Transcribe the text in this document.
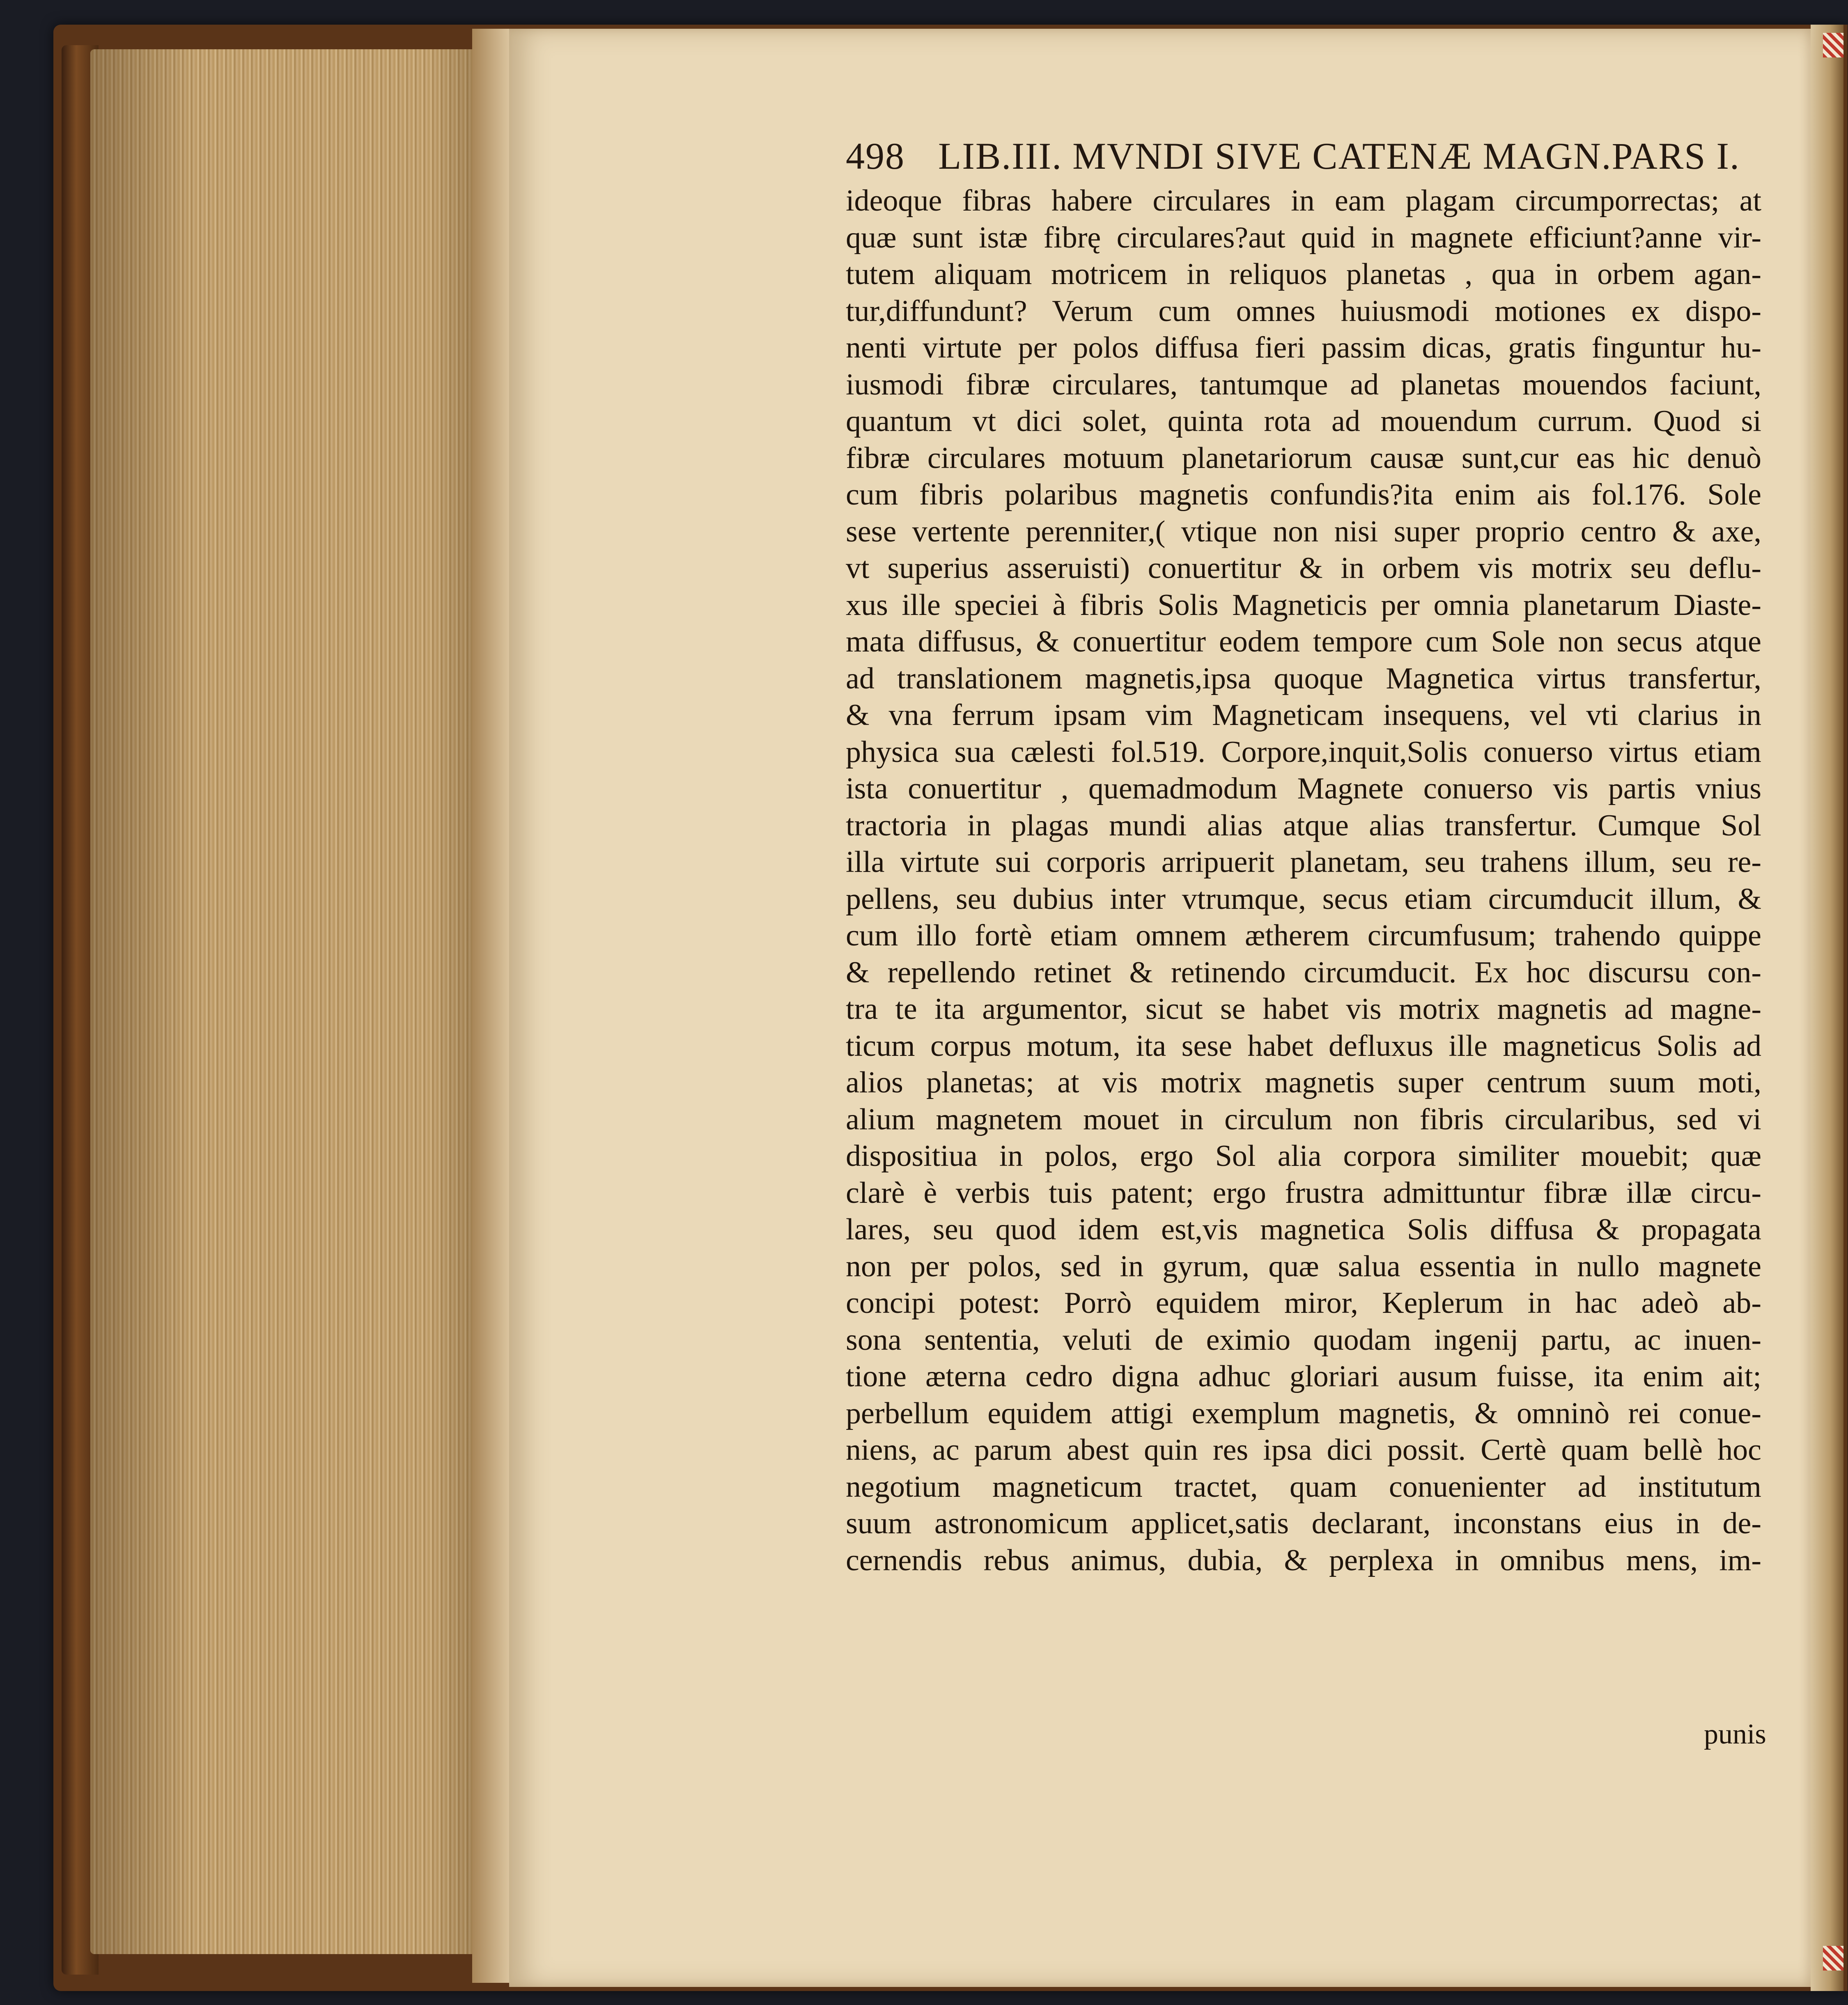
498 LIB.III. MVNDI SIVE CATENÆ MAGN.PARS I.
ideoque fibras habere circulares in eam plagam circumporrectas; at
quæ sunt istæ fibrę circulares?aut quid in magnete efficiunt?anne vir-
tutem aliquam motricem in reliquos planetas , qua in orbem agan-
tur,diffundunt? Verum cum omnes huiusmodi motiones ex dispo-
nenti virtute per polos diffusa fieri passim dicas, gratis finguntur hu-
iusmodi fibræ circulares, tantumque ad planetas mouendos faciunt,
quantum vt dici solet, quinta rota ad mouendum currum. Quod si
fibræ circulares motuum planetariorum causæ sunt,cur eas hic denuò
cum fibris polaribus magnetis confundis?ita enim ais fol.176. Sole
sese vertente perenniter,( vtique non nisi super proprio centro & axe,
vt superius asseruisti) conuertitur & in orbem vis motrix seu deflu-
xus ille speciei à fibris Solis Magneticis per omnia planetarum Diaste-
mata diffusus, & conuertitur eodem tempore cum Sole non secus atque
ad translationem magnetis,ipsa quoque Magnetica virtus transfertur,
& vna ferrum ipsam vim Magneticam insequens, vel vti clarius in
physica sua cælesti fol.519. Corpore,inquit,Solis conuerso virtus etiam
ista conuertitur , quemadmodum Magnete conuerso vis partis vnius
tractoria in plagas mundi alias atque alias transfertur. Cumque Sol
illa virtute sui corporis arripuerit planetam, seu trahens illum, seu re-
pellens, seu dubius inter vtrumque, secus etiam circumducit illum, &
cum illo fortè etiam omnem ætherem circumfusum; trahendo quippe
& repellendo retinet & retinendo circumducit. Ex hoc discursu con-
tra te ita argumentor, sicut se habet vis motrix magnetis ad magne-
ticum corpus motum, ita sese habet defluxus ille magneticus Solis ad
alios planetas; at vis motrix magnetis super centrum suum moti,
alium magnetem mouet in circulum non fibris circularibus, sed vi
dispositiua in polos, ergo Sol alia corpora similiter mouebit; quæ
clarè è verbis tuis patent; ergo frustra admittuntur fibræ illæ circu-
lares, seu quod idem est,vis magnetica Solis diffusa & propagata
non per polos, sed in gyrum, quæ salua essentia in nullo magnete
concipi potest: Porrò equidem miror, Keplerum in hac adeò ab-
sona sententia, veluti de eximio quodam ingenij partu, ac inuen-
tione æterna cedro digna adhuc gloriari ausum fuisse, ita enim ait;
perbellum equidem attigi exemplum magnetis, & omninò rei conue-
niens, ac parum abest quin res ipsa dici possit. Certè quam bellè hoc
negotium magneticum tractet, quam conuenienter ad institutum
suum astronomicum applicet,satis declarant, inconstans eius in de-
cernendis rebus animus, dubia, & perplexa in omnibus mens, im-
punis
